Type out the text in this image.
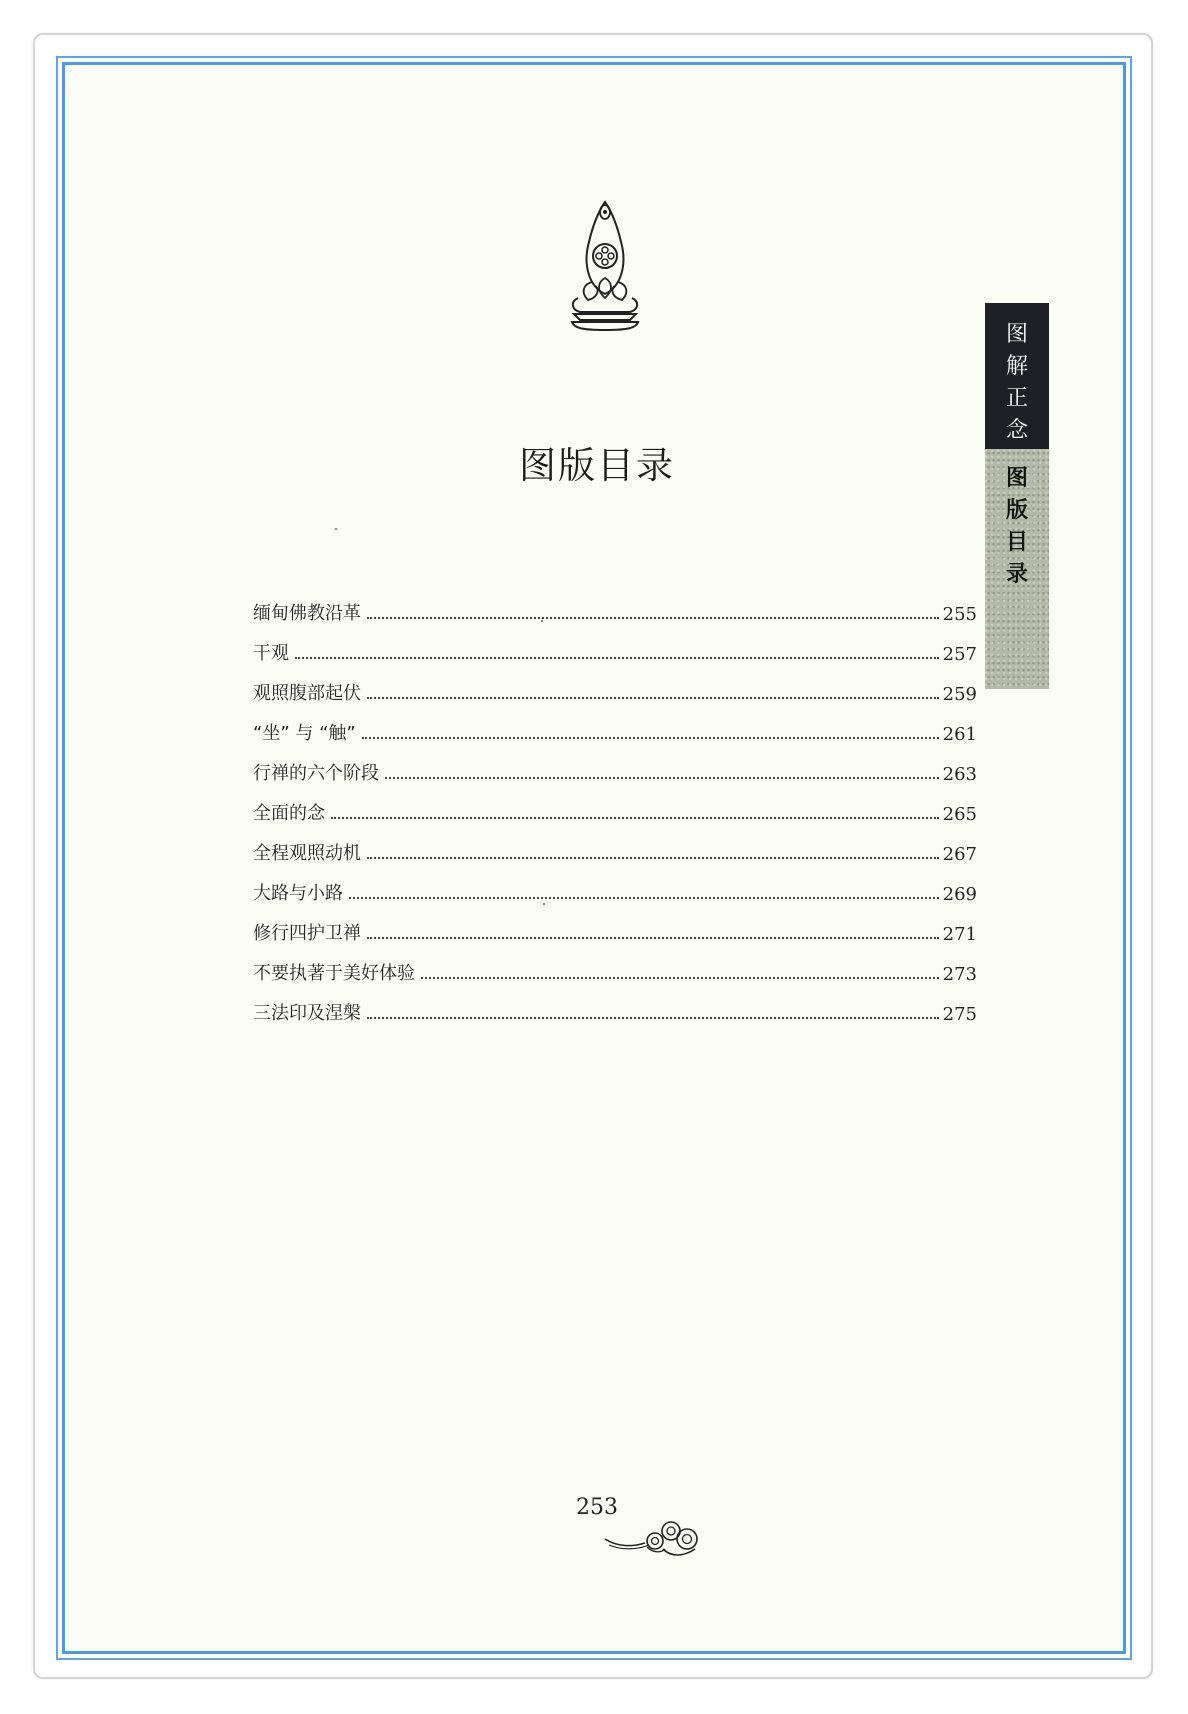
图版目录
缅甸佛教沿革	255
干观	257
观照腹部起伏	259
“坐” 与 “触”	261
行禅的六个阶段	263
全面的念	265
全程观照动机	267
大路与小路	269
修行四护卫禅	271
不要执著于美好体验	273
三法印及涅槃	275
图
解
正
念
图
版
目
录
253
